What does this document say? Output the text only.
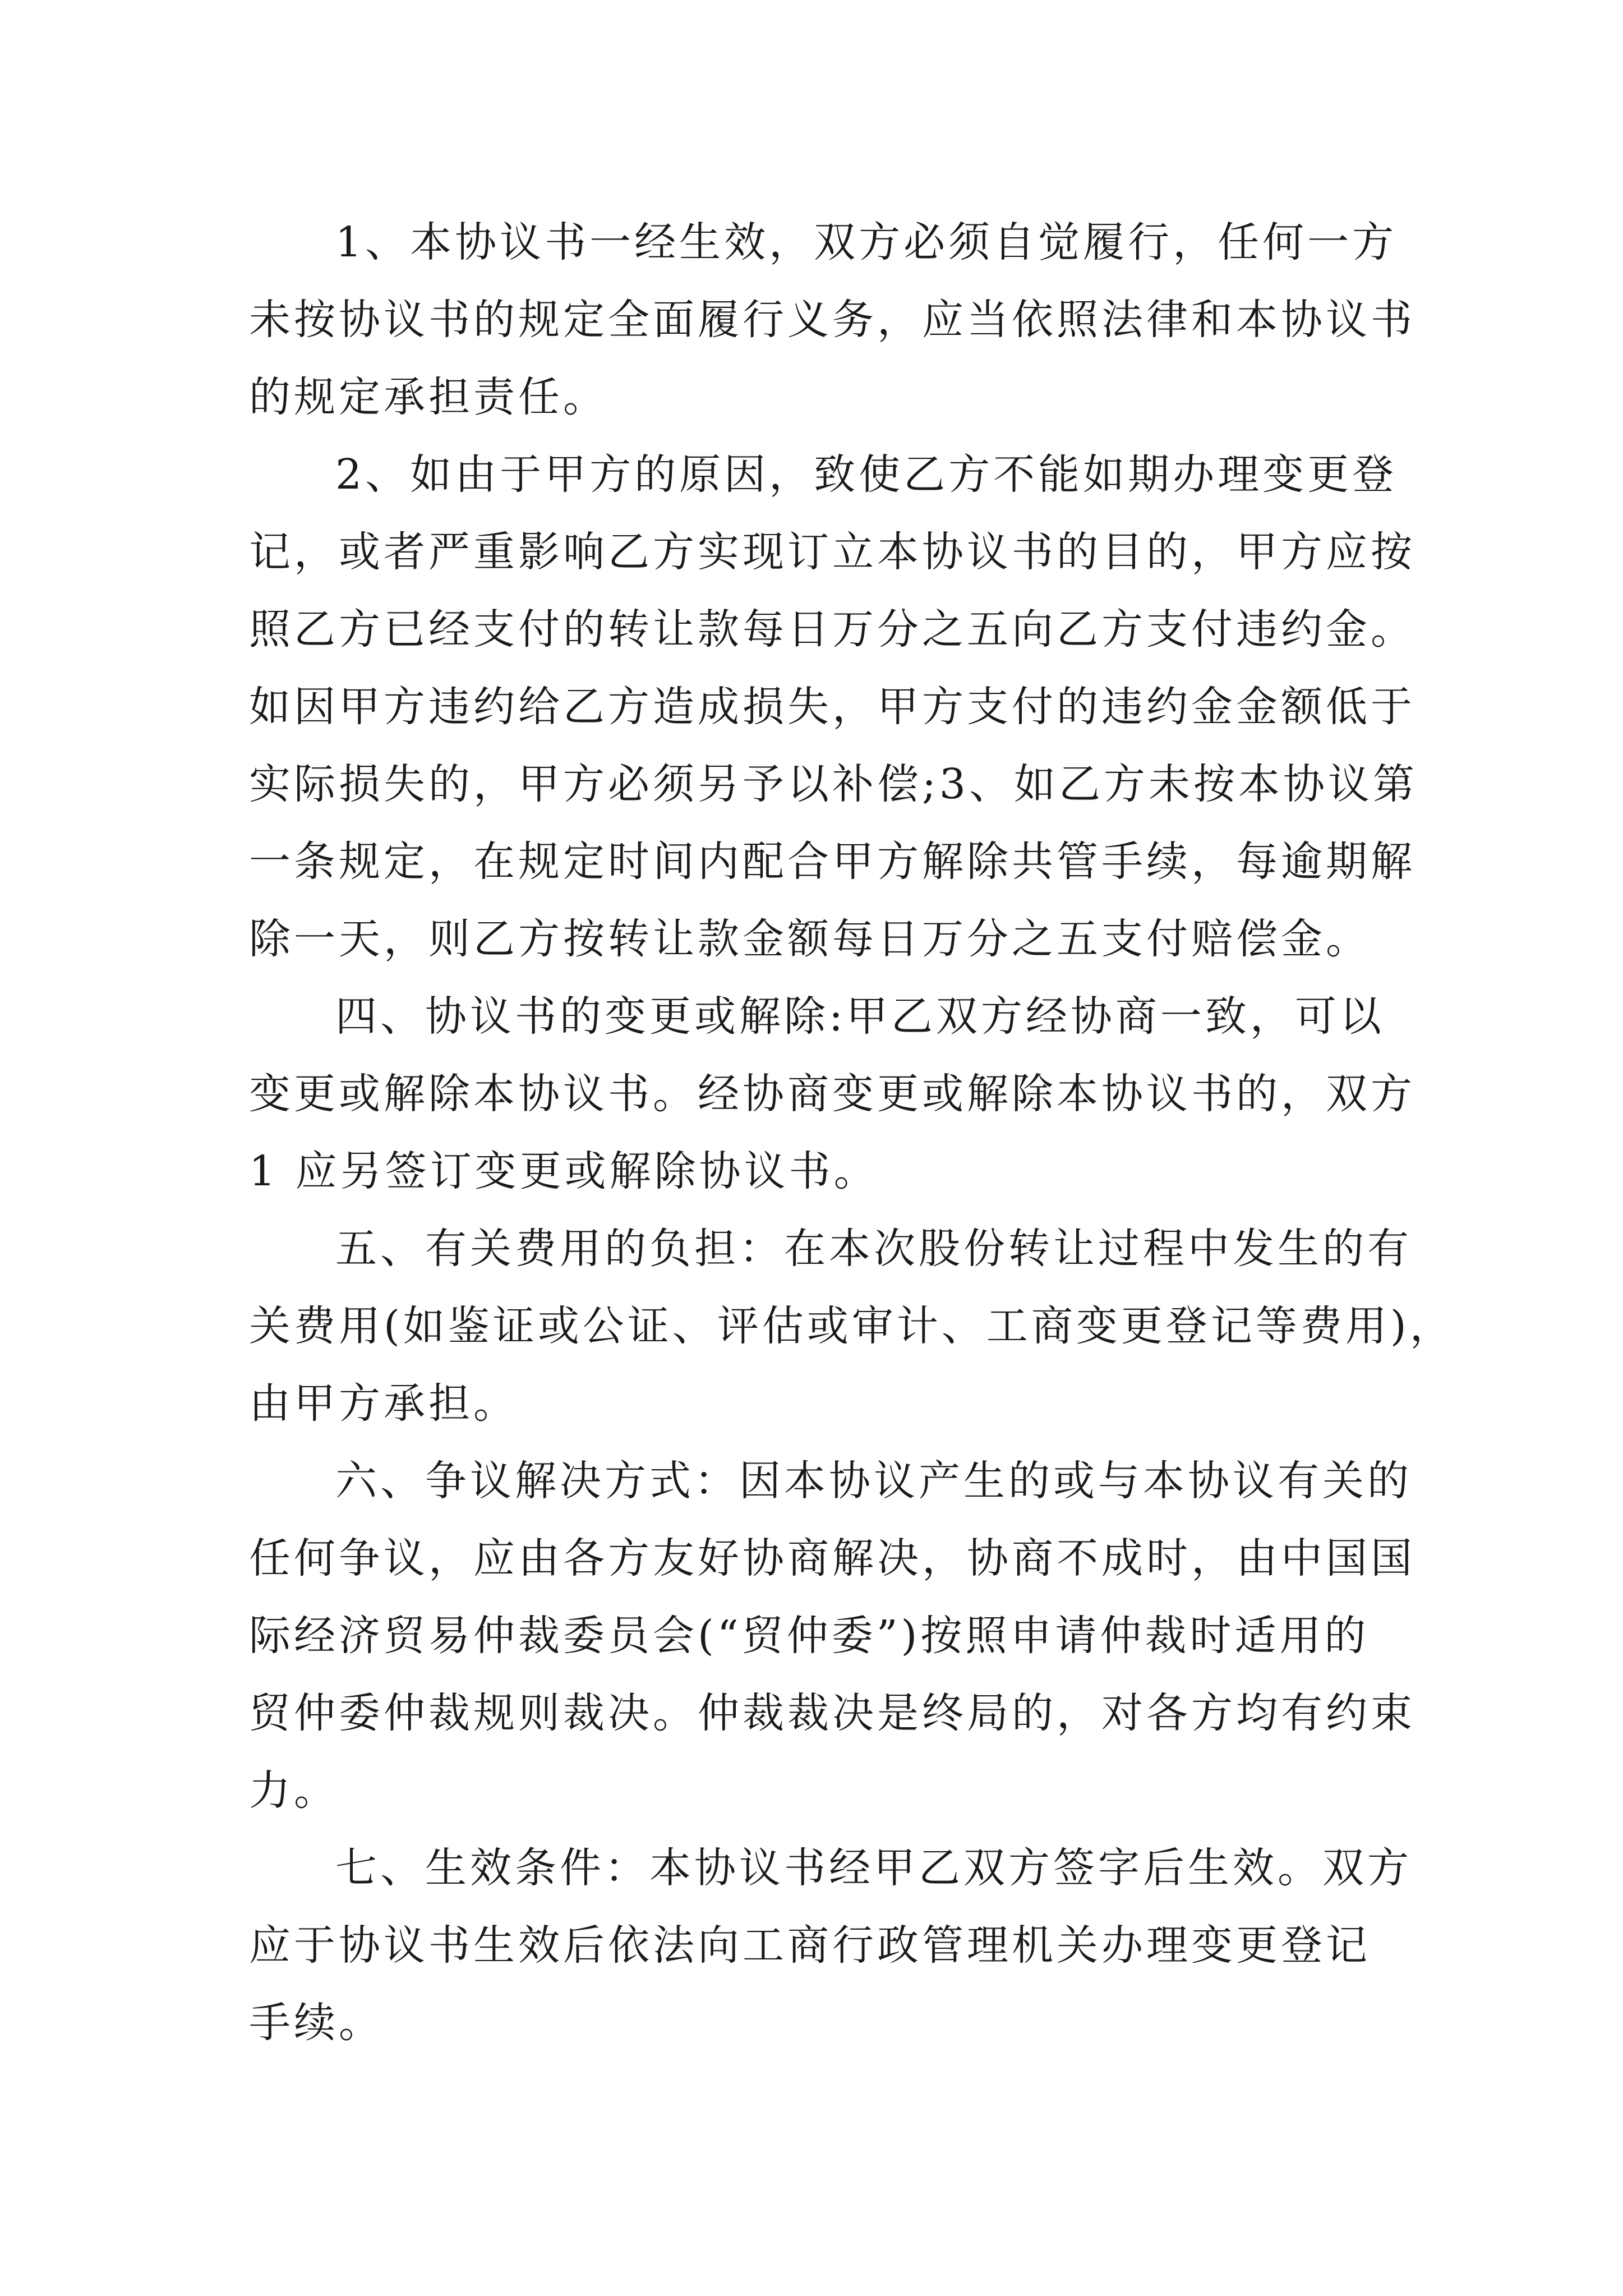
1、本协议书一经生效，双方必须自觉履行，任何一方
未按协议书的规定全面履行义务，应当依照法律和本协议书
的规定承担责任。
2、如由于甲方的原因，致使乙方不能如期办理变更登
记，或者严重影响乙方实现订立本协议书的目的，甲方应按
照乙方已经支付的转让款每日万分之五向乙方支付违约金。
如因甲方违约给乙方造成损失，甲方支付的违约金金额低于
实际损失的，甲方必须另予以补偿;3、如乙方未按本协议第
一条规定，在规定时间内配合甲方解除共管手续，每逾期解
除一天，则乙方按转让款金额每日万分之五支付赔偿金。
四、协议书的变更或解除:甲乙双方经协商一致，可以
变更或解除本协议书。经协商变更或解除本协议书的，双方
1 应另签订变更或解除协议书。
五、有关费用的负担：在本次股份转让过程中发生的有
关费用(如鉴证或公证、评估或审计、工商变更登记等费用)，
由甲方承担。
六、争议解决方式：因本协议产生的或与本协议有关的
任何争议，应由各方友好协商解决，协商不成时，由中国国
际经济贸易仲裁委员会(“贸仲委”)按照申请仲裁时适用的
贸仲委仲裁规则裁决。仲裁裁决是终局的，对各方均有约束
力。
七、生效条件：本协议书经甲乙双方签字后生效。双方
应于协议书生效后依法向工商行政管理机关办理变更登记
手续。
